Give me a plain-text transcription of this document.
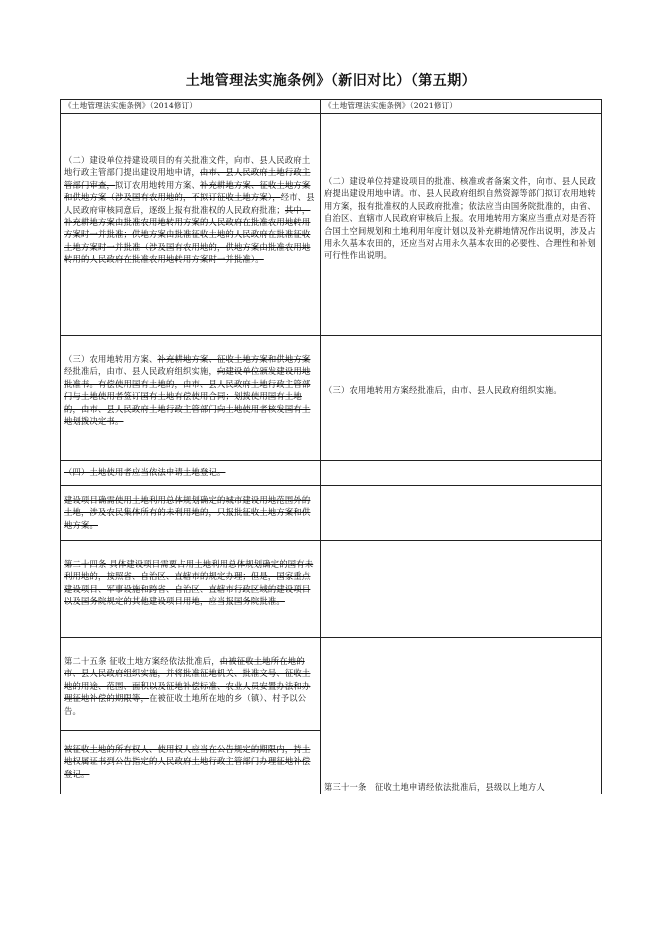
土地管理法实施条例》（新旧对比）（第五期）
《土地管理法实施条例》（2014修订）	《土地管理法实施条例》（2021修订）
（二）建设单位持建设项目的有关批准文件，向市、县人民政府土地行政主管部门提出建设用地申请，由市、县人民政府土地行政主管部门审查，拟订农用地转用方案、补充耕地方案、征收土地方案和供地方案（涉及国有农用地的，不拟订征收土地方案），经市、县人民政府审核同意后，逐级上报有批准权的人民政府批准；其中，补充耕地方案由批准农用地转用方案的人民政府在批准农用地转用方案时一并批准；供地方案由批准征收土地的人民政府在批准征收土地方案时一并批准（涉及国有农用地的，供地方案由批准农用地转用的人民政府在批准农用地转用方案时一并批准）。
（二）建设单位持建设项目的批准、核准或者备案文件，向市、县人民政府提出建设用地申请。市、县人民政府组织自然资源等部门拟订农用地转用方案，报有批准权的人民政府批准；依法应当由国务院批准的，由省、自治区、直辖市人民政府审核后上报。农用地转用方案应当重点对是否符合国土空间规划和土地利用年度计划以及补充耕地情况作出说明，涉及占用永久基本农田的，还应当对占用永久基本农田的必要性、合理性和补划可行性作出说明。
（三）农用地转用方案、补充耕地方案、征收土地方案和供地方案经批准后，由市、县人民政府组织实施，向建设单位颁发建设用地批准书。有偿使用国有土地的，由市、县人民政府土地行政主管部门与土地使用者签订国有土地有偿使用合同；划拨使用国有土地的，由市、县人民政府土地行政主管部门向土地使用者核发国有土地划拨决定书。
（三）农用地转用方案经批准后，由市、县人民政府组织实施。
（四）土地使用者应当依法申请土地登记。
建设项目确需使用土地利用总体规划确定的城市建设用地范围外的土地，涉及农民集体所有的未利用地的，只报批征收土地方案和供地方案。
第二十四条 具体建设项目需要占用土地利用总体规划确定的国有未利用地的，按照省、自治区、直辖市的规定办理；但是，国家重点建设项目、军事设施和跨省、自治区、直辖市行政区域的建设项目以及国务院规定的其他建设项目用地，应当报国务院批准。
第二十五条 征收土地方案经依法批准后，由被征收土地所在地的市、县人民政府组织实施，并将批准征地机关、批准文号、征收土地的用途、范围、面积以及征地补偿标准、农业人员安置办法和办理征地补偿的期限等，在被征收土地所在地的乡（镇）、村予以公告。
被征收土地的所有权人、使用权人应当在公告规定的期限内，持土地权属证书到公告指定的人民政府土地行政主管部门办理征地补偿登记。
第三十一条　征收土地申请经依法批准后，县级以上地方人
